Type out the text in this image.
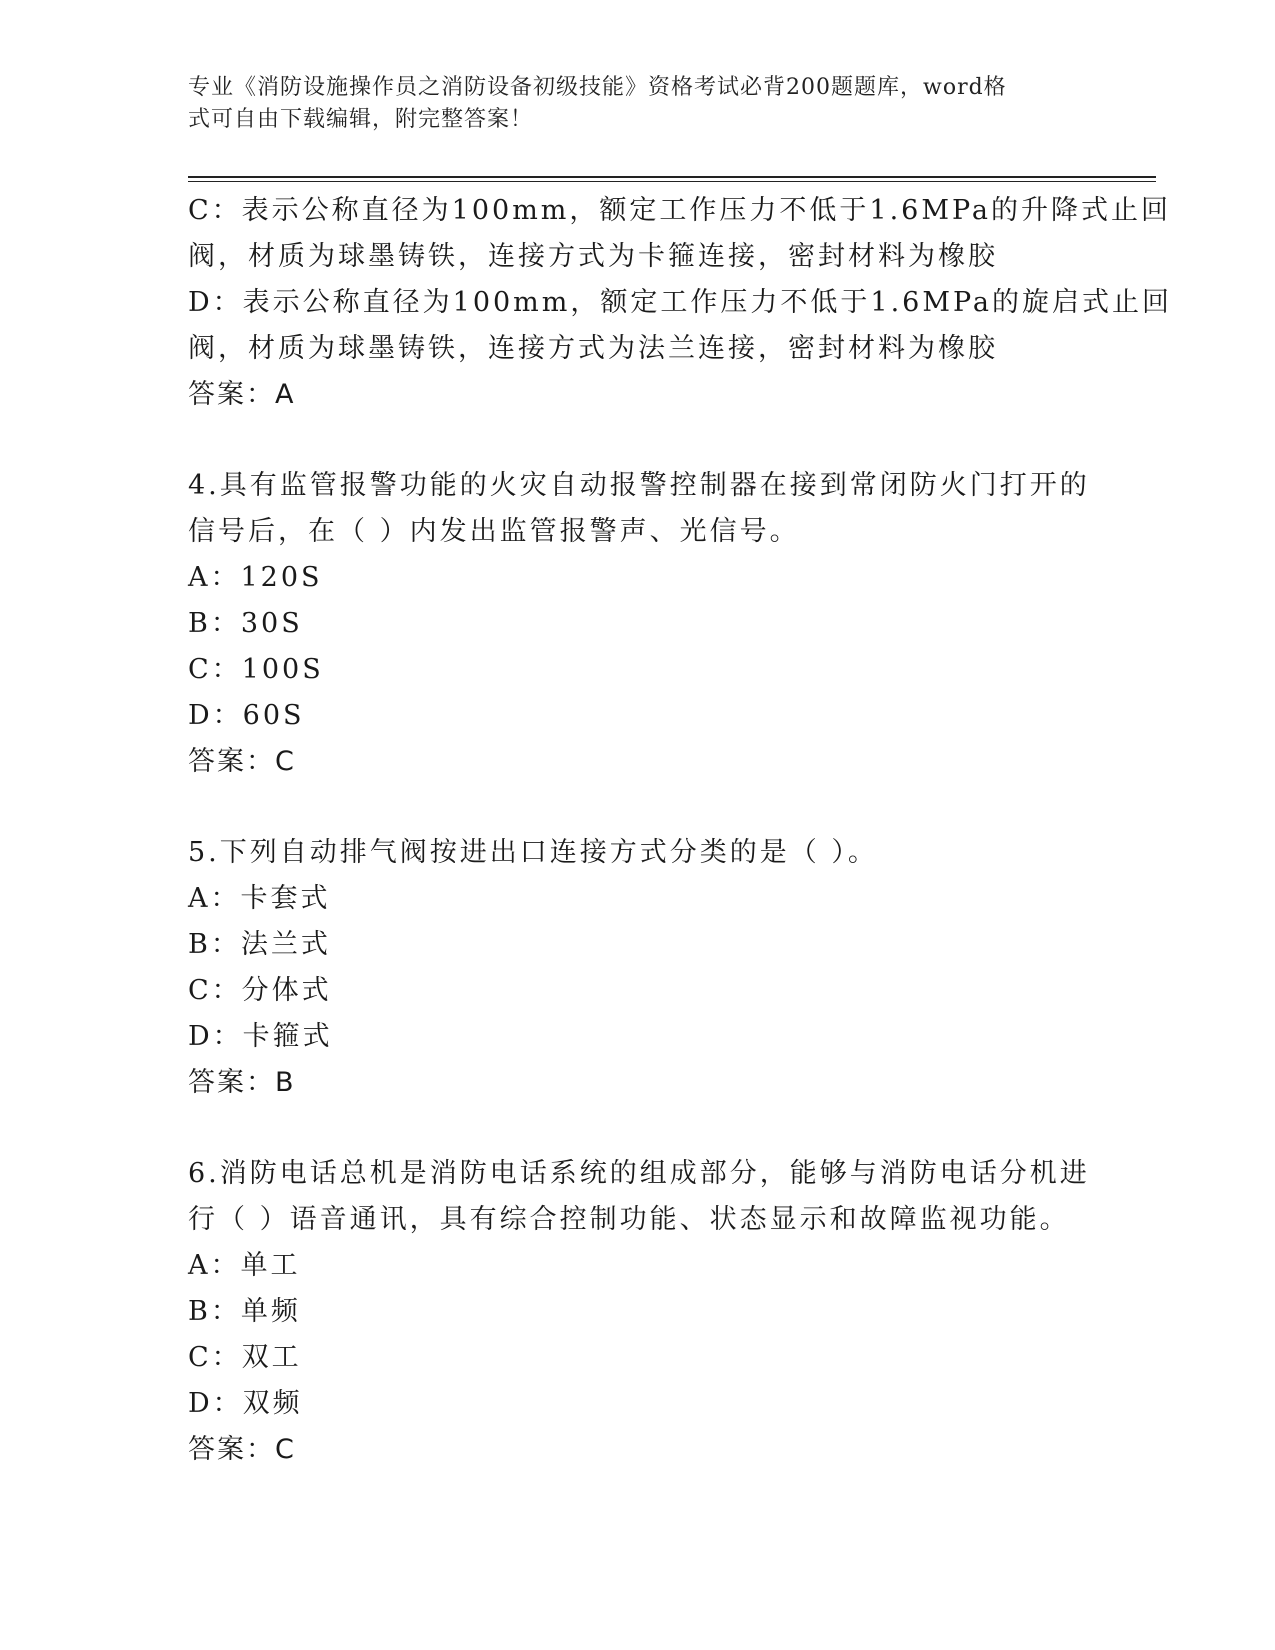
专业《消防设施操作员之消防设备初级技能》资格考试必背200题题库，word格
式可自由下载编辑，附完整答案！
C：表示公称直径为100mm，额定工作压力不低于1.6MPa的升降式止回
阀，材质为球墨铸铁，连接方式为卡箍连接，密封材料为橡胶
D：表示公称直径为100mm，额定工作压力不低于1.6MPa的旋启式止回
阀，材质为球墨铸铁，连接方式为法兰连接，密封材料为橡胶
答案：A
4.具有监管报警功能的火灾自动报警控制器在接到常闭防火门打开的
信号后，在（ ）内发出监管报警声、光信号。
A：120S
B：30S
C：100S
D：60S
答案：C
5.下列自动排气阀按进出口连接方式分类的是（ ）。
A：卡套式
B：法兰式
C：分体式
D：卡箍式
答案：B
6.消防电话总机是消防电话系统的组成部分，能够与消防电话分机进
行（ ）语音通讯，具有综合控制功能、状态显示和故障监视功能。
A：单工
B：单频
C：双工
D：双频
答案：C
